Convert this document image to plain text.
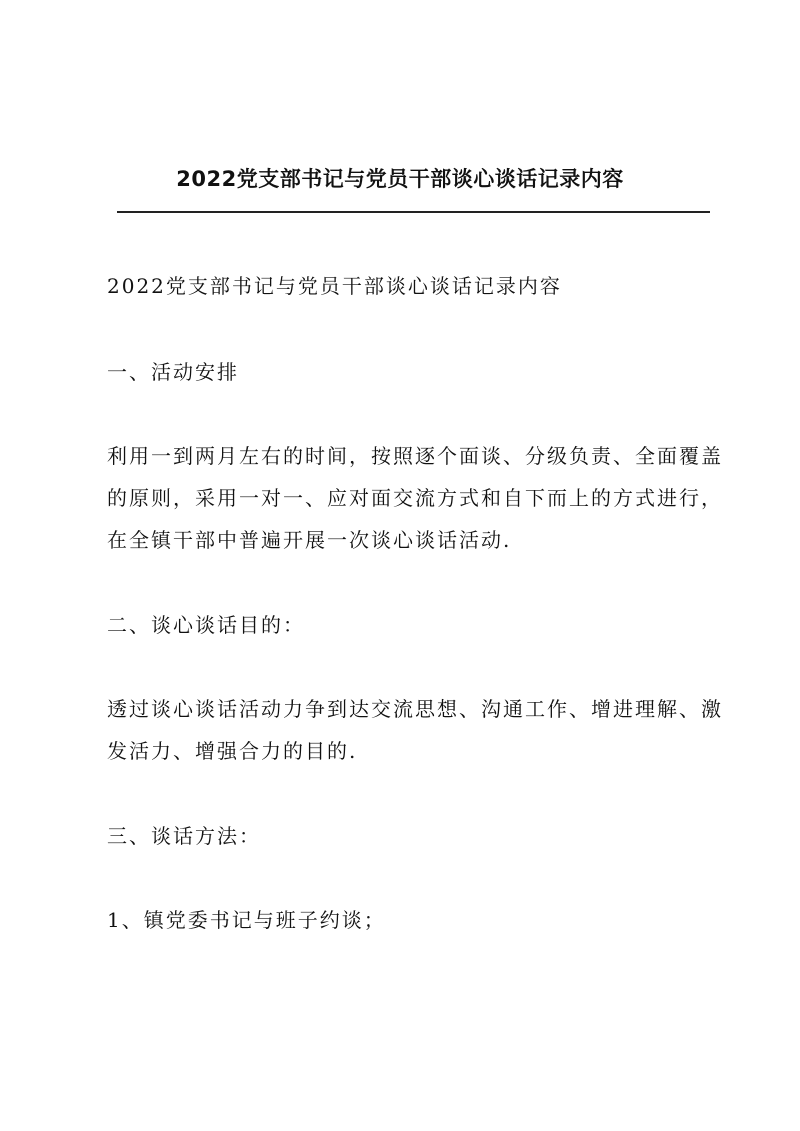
2022党支部书记与党员干部谈心谈话记录内容

2022党支部书记与党员干部谈心谈话记录内容

一、活动安排

利用一到两月左右的时间，按照逐个面谈、分级负责、全面覆盖
的原则，采用一对一、应对面交流方式和自下而上的方式进行，
在全镇干部中普遍开展一次谈心谈话活动.

二、谈心谈话目的：

透过谈心谈话活动力争到达交流思想、沟通工作、增进理解、激
发活力、增强合力的目的.

三、谈话方法：

1、镇党委书记与班子约谈；
